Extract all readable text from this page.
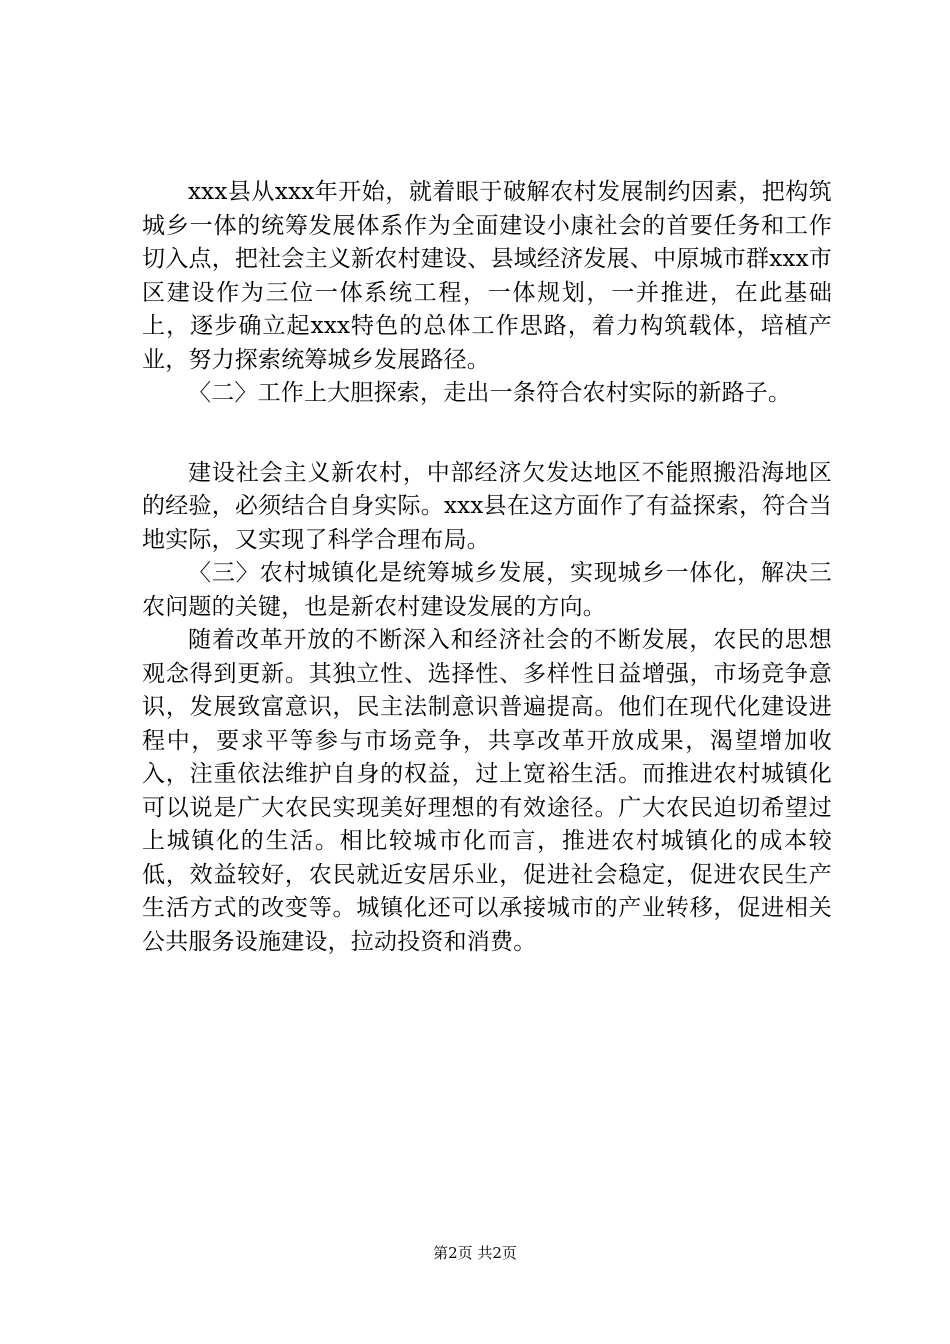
xxx县从xxx年开始，就着眼于破解农村发展制约因素，把构筑城乡一体的统筹发展体系作为全面建设小康社会的首要任务和工作切入点，把社会主义新农村建设、县域经济发展、中原城市群xxx市区建设作为三位一体系统工程，一体规划，一并推进，在此基础上，逐步确立起xxx特色的总体工作思路，着力构筑载体，培植产业，努力探索统筹城乡发展路径。

〈二〉工作上大胆探索，走出一条符合农村实际的新路子。

建设社会主义新农村，中部经济欠发达地区不能照搬沿海地区的经验，必须结合自身实际。xxx县在这方面作了有益探索，符合当地实际，又实现了科学合理布局。

〈三〉农村城镇化是统筹城乡发展，实现城乡一体化，解决三农问题的关键，也是新农村建设发展的方向。

随着改革开放的不断深入和经济社会的不断发展，农民的思想观念得到更新。其独立性、选择性、多样性日益增强，市场竞争意识，发展致富意识，民主法制意识普遍提高。他们在现代化建设进程中，要求平等参与市场竞争，共享改革开放成果，渴望增加收入，注重依法维护自身的权益，过上宽裕生活。而推进农村城镇化可以说是广大农民实现美好理想的有效途径。广大农民迫切希望过上城镇化的生活。相比较城市化而言，推进农村城镇化的成本较低，效益较好，农民就近安居乐业，促进社会稳定，促进农民生产生活方式的改变等。城镇化还可以承接城市的产业转移，促进相关公共服务设施建设，拉动投资和消费。

第2页 共2页
